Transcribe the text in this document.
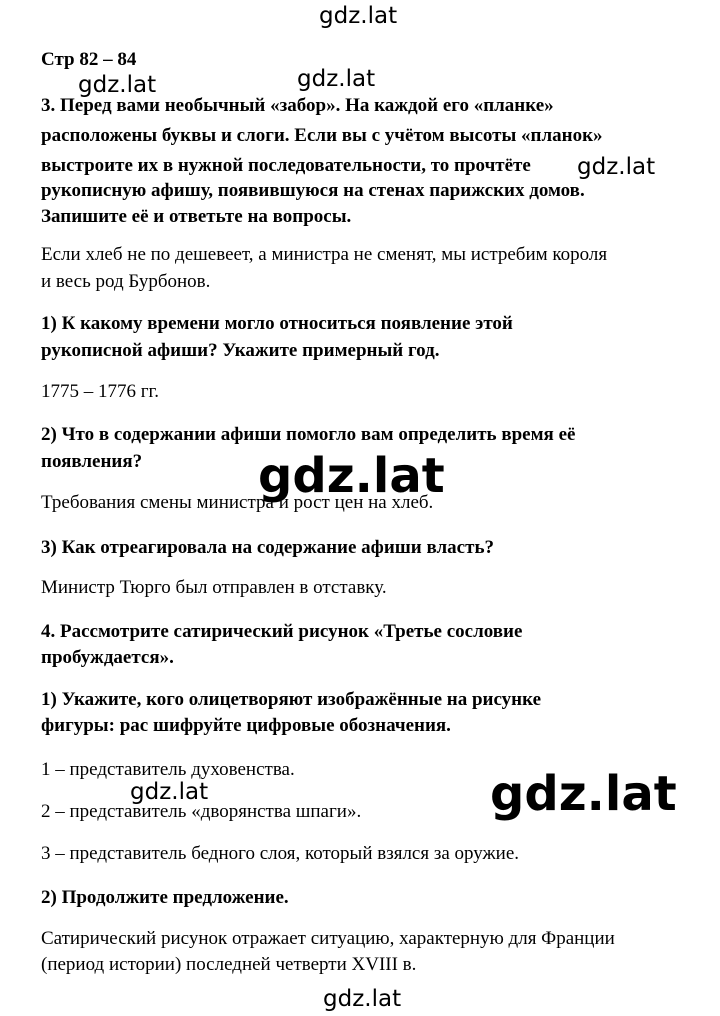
gdz.lat
gdz.lat	gdz.lat
gdz.lat
gdz.lat
gdz.lat	gdz.lat
gdz.lat
Стр 82 – 84
3. Перед вами необычный «забор». На каждой его «планке»
расположены буквы и слоги. Если вы с учётом высоты «планок»
выстроите их в нужной последовательности, то прочтёте
рукописную афишу, появившуюся на стенах парижских домов.
Запишите её и ответьте на вопросы.
Если хлеб не по дешевеет, а министра не сменят, мы истребим короля
и весь род Бурбонов.
1) К какому времени могло относиться появление этой
рукописной афиши? Укажите примерный год.
1775 – 1776 гг.
2) Что в содержании афиши помогло вам определить время её
появления?
Требования смены министра и рост цен на хлеб.
3) Как отреагировала на содержание афиши власть?
Министр Тюрго был отправлен в отставку.
4. Рассмотрите сатирический рисунок «Третье сословие
пробуждается».
1) Укажите, кого олицетворяют изображённые на рисунке
фигуры: рас шифруйте цифровые обозначения.
1 – представитель духовенства.
2 – представитель «дворянства шпаги».
3 – представитель бедного слоя, который взялся за оружие.
2) Продолжите предложение.
Сатирический рисунок отражает ситуацию, характерную для Франции
(период истории) последней четверти XVIII в.
